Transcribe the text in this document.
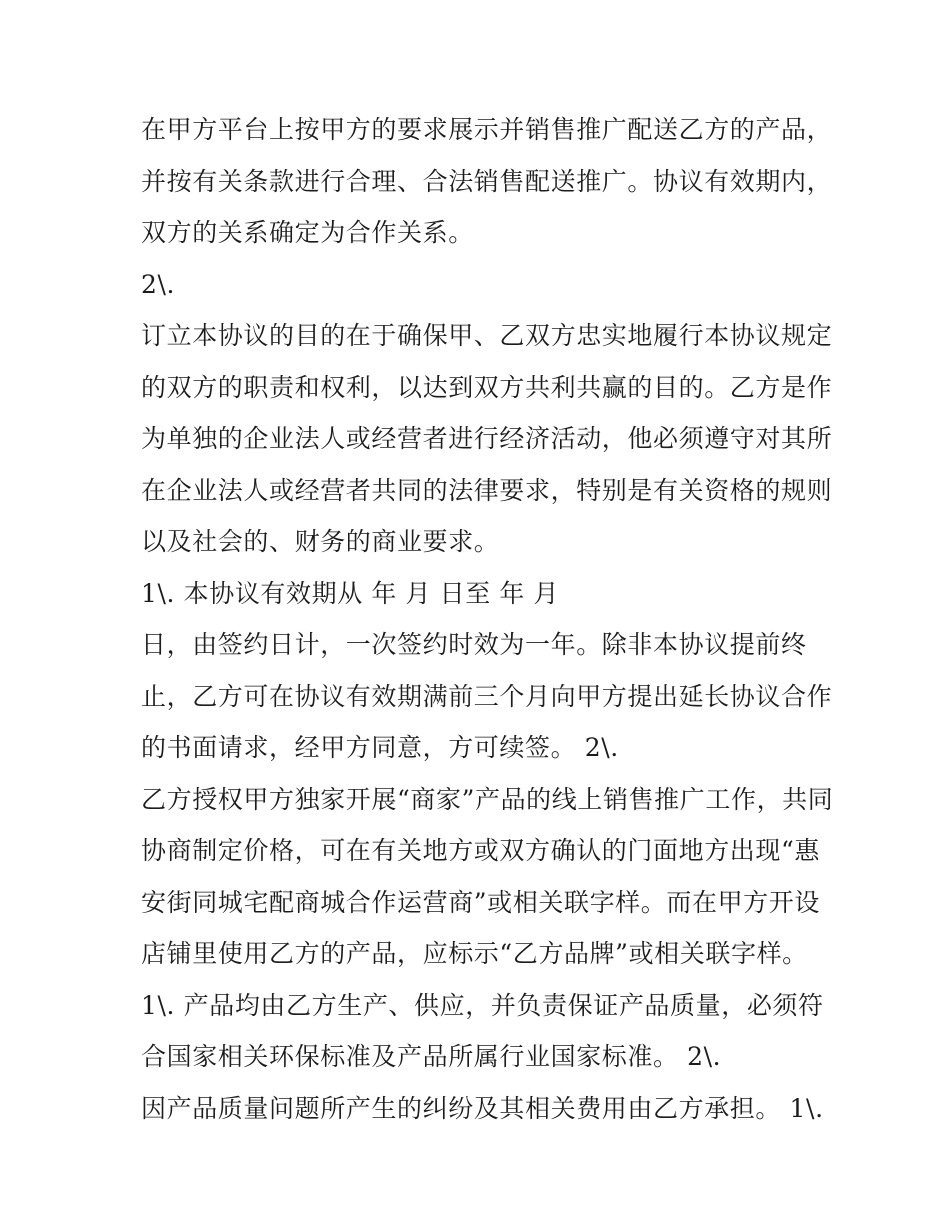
在甲方平台上按甲方的要求展示并销售推广配送乙方的产品，
并按有关条款进行合理、合法销售配送推广。协议有效期内，
双方的关系确定为合作关系。
2\.
订立本协议的目的在于确保甲、乙双方忠实地履行本协议规定
的双方的职责和权利，以达到双方共利共赢的目的。乙方是作
为单独的企业法人或经营者进行经济活动，他必须遵守对其所
在企业法人或经营者共同的法律要求，特别是有关资格的规则
以及社会的、财务的商业要求。
1\. 本协议有效期从 年 月 日至 年 月
日，由签约日计，一次签约时效为一年。除非本协议提前终
止，乙方可在协议有效期满前三个月向甲方提出延长协议合作
的书面请求，经甲方同意，方可续签。 2\.
乙方授权甲方独家开展“商家”产品的线上销售推广工作，共同
协商制定价格，可在有关地方或双方确认的门面地方出现“惠
安街同城宅配商城合作运营商”或相关联字样。而在甲方开设
店铺里使用乙方的产品，应标示“乙方品牌”或相关联字样。
1\. 产品均由乙方生产、供应，并负责保证产品质量，必须符
合国家相关环保标准及产品所属行业国家标准。 2\.
因产品质量问题所产生的纠纷及其相关费用由乙方承担。 1\.
